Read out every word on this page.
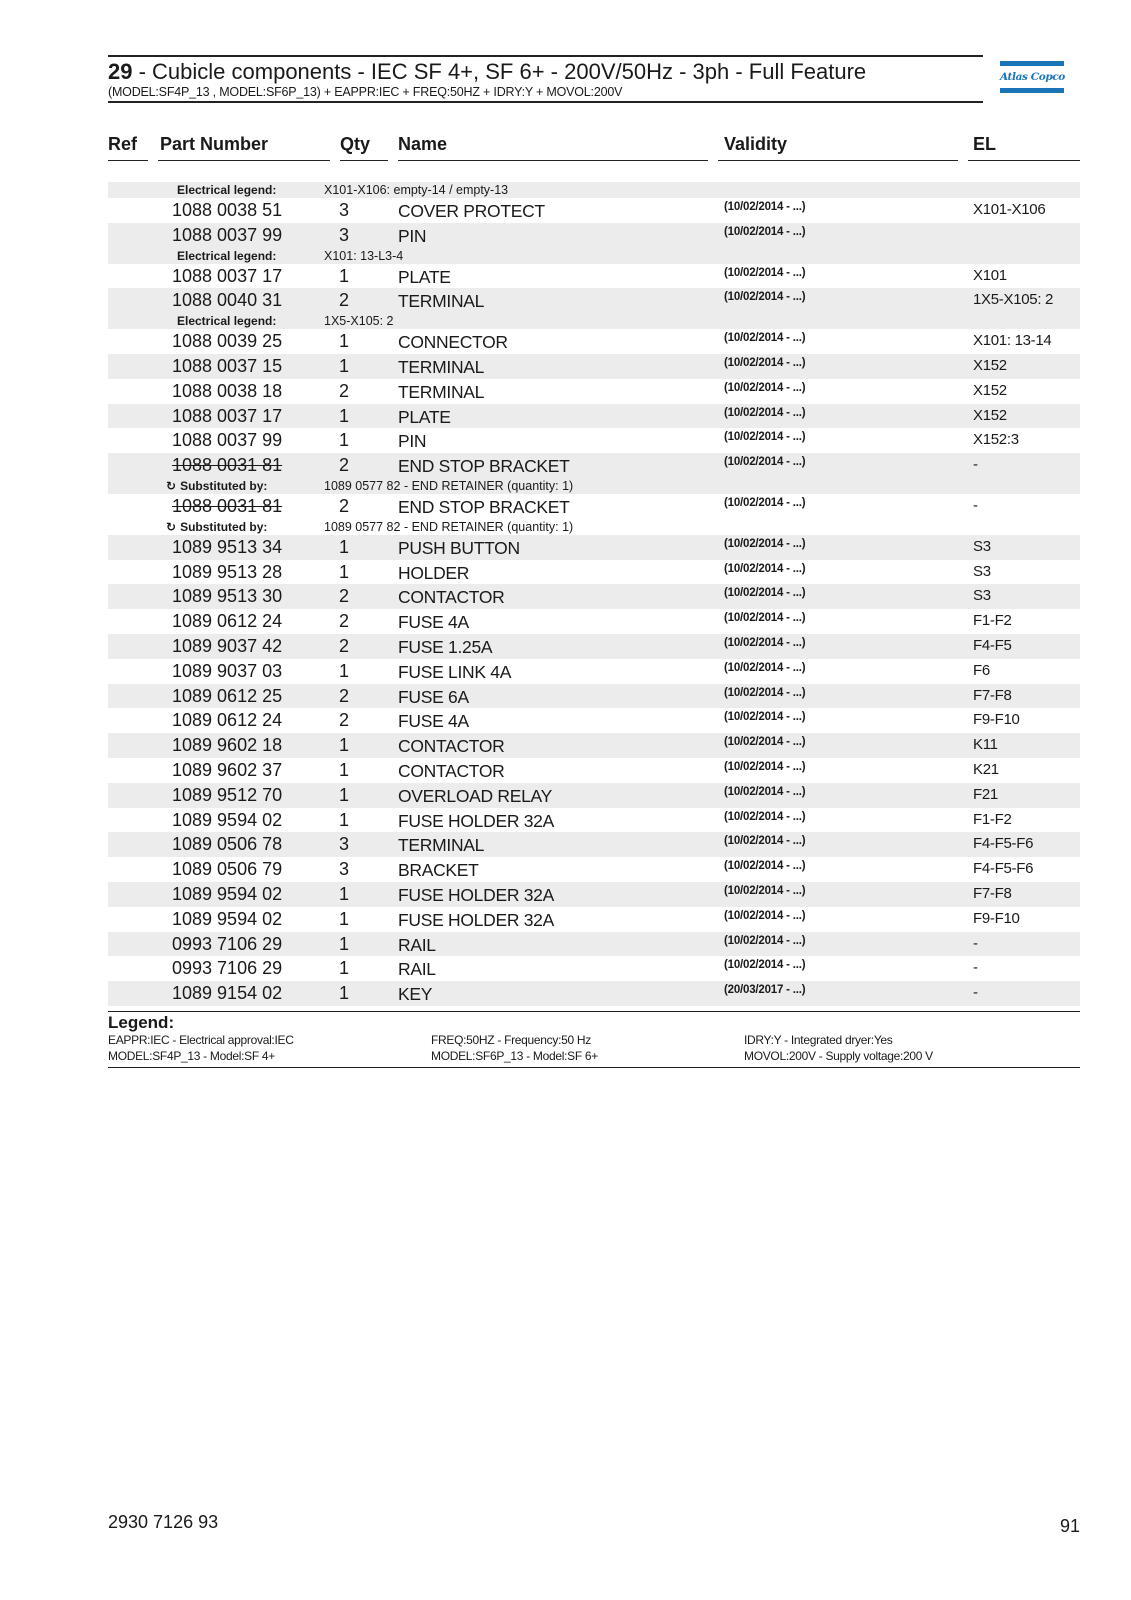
29 - Cubicle components - IEC SF 4+, SF 6+ - 200V/50Hz - 3ph - Full Feature
(MODEL:SF4P_13 , MODEL:SF6P_13) + EAPPR:IEC + FREQ:50HZ + IDRY:Y + MOVOL:200V
Atlas Copco
Ref Part Number	Qty Name	Validity	EL
Electrical legend:	X101-X106: empty-14 / empty-13
1088 0038 51	3	COVER PROTECT	(10/02/2014 - ...)	X101-X106
1088 0037 99	3	PIN	(10/02/2014 - ...)
Electrical legend:	X101: 13-L3-4
1088 0037 17	1	PLATE	(10/02/2014 - ...)	X101
1088 0040 31	2	TERMINAL	(10/02/2014 - ...)	1X5-X105: 2
Electrical legend:	1X5-X105: 2
1088 0039 25	1	CONNECTOR	(10/02/2014 - ...)	X101: 13-14
1088 0037 15	1	TERMINAL	(10/02/2014 - ...)	X152
1088 0038 18	2	TERMINAL	(10/02/2014 - ...)	X152
1088 0037 17	1	PLATE	(10/02/2014 - ...)	X152
1088 0037 99	1	PIN	(10/02/2014 - ...)	X152:3
1088 0031 81	2	END STOP BRACKET	(10/02/2014 - ...)	-
↻ Substituted by:	1089 0577 82 - END RETAINER (quantity: 1)
1088 0031 81	2	END STOP BRACKET	(10/02/2014 - ...)	-
↻ Substituted by:	1089 0577 82 - END RETAINER (quantity: 1)
1089 9513 34	1	PUSH BUTTON	(10/02/2014 - ...)	S3
1089 9513 28	1	HOLDER	(10/02/2014 - ...)	S3
1089 9513 30	2	CONTACTOR	(10/02/2014 - ...)	S3
1089 0612 24	2	FUSE 4A	(10/02/2014 - ...)	F1-F2
1089 9037 42	2	FUSE 1.25A	(10/02/2014 - ...)	F4-F5
1089 9037 03	1	FUSE LINK 4A	(10/02/2014 - ...)	F6
1089 0612 25	2	FUSE 6A	(10/02/2014 - ...)	F7-F8
1089 0612 24	2	FUSE 4A	(10/02/2014 - ...)	F9-F10
1089 9602 18	1	CONTACTOR	(10/02/2014 - ...)	K11
1089 9602 37	1	CONTACTOR	(10/02/2014 - ...)	K21
1089 9512 70	1	OVERLOAD RELAY	(10/02/2014 - ...)	F21
1089 9594 02	1	FUSE HOLDER 32A	(10/02/2014 - ...)	F1-F2
1089 0506 78	3	TERMINAL	(10/02/2014 - ...)	F4-F5-F6
1089 0506 79	3	BRACKET	(10/02/2014 - ...)	F4-F5-F6
1089 9594 02	1	FUSE HOLDER 32A	(10/02/2014 - ...)	F7-F8
1089 9594 02	1	FUSE HOLDER 32A	(10/02/2014 - ...)	F9-F10
0993 7106 29	1	RAIL	(10/02/2014 - ...)	-
0993 7106 29	1	RAIL	(10/02/2014 - ...)	-
1089 9154 02	1	KEY	(20/03/2017 - ...)	-
Legend:
EAPPR:IEC - Electrical approval:IEC	FREQ:50HZ - Frequency:50 Hz	IDRY:Y - Integrated dryer:Yes
MODEL:SF4P_13 - Model:SF 4+	MODEL:SF6P_13 - Model:SF 6+	MOVOL:200V - Supply voltage:200 V
2930 7126 93	91
